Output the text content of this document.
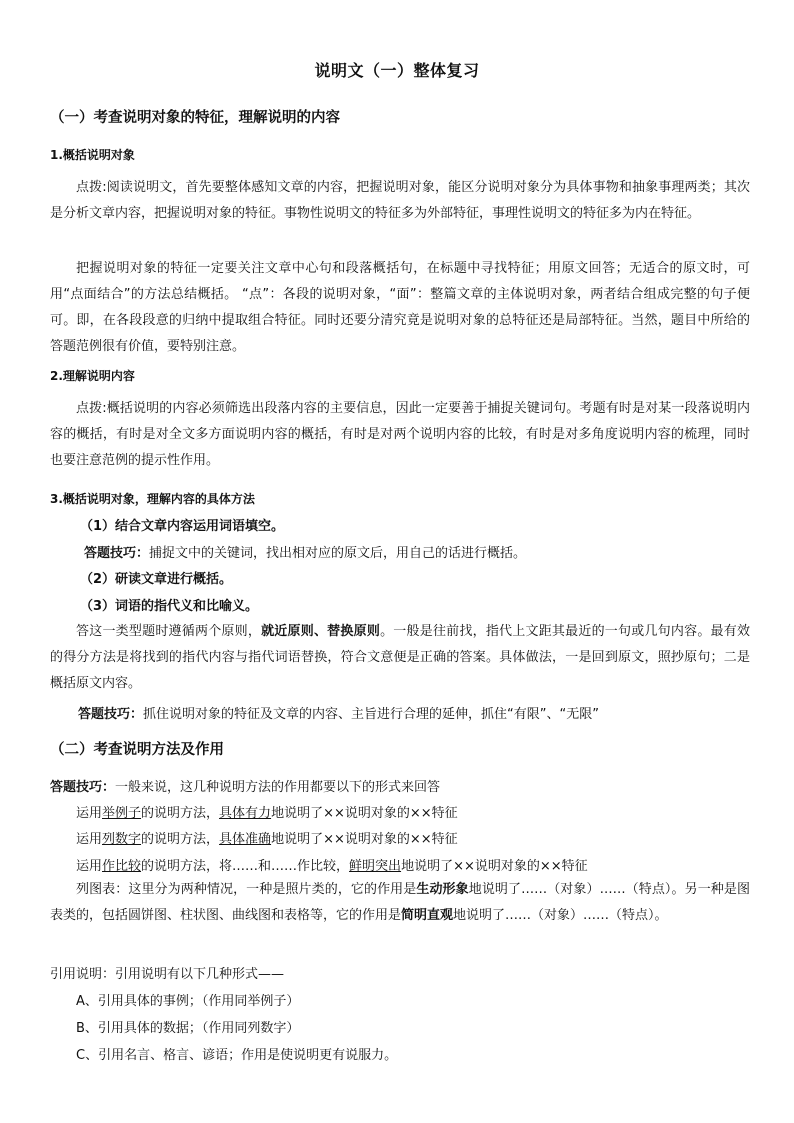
说明文（一）整体复习
（一）考查说明对象的特征，理解说明的内容
1.概括说明对象
点拨:阅读说明文，首先要整体感知文章的内容，把握说明对象，能区分说明对象分为具体事物和抽象事理两类；其次是分析文章内容，把握说明对象的特征。事物性说明文的特征多为外部特征，事理性说明文的特征多为内在特征。
把握说明对象的特征一定要关注文章中心句和段落概括句，在标题中寻找特征；用原文回答；无适合的原文时，可用“点面结合”的方法总结概括。 “点”：各段的说明对象，“面”：整篇文章的主体说明对象，两者结合组成完整的句子便可。即，在各段段意的归纳中提取组合特征。同时还要分清究竟是说明对象的总特征还是局部特征。当然，题目中所给的答题范例很有价值，要特别注意。
2.理解说明内容
点拨:概括说明的内容必须筛选出段落内容的主要信息，因此一定要善于捕捉关键词句。考题有时是对某一段落说明内容的概括，有时是对全文多方面说明内容的概括，有时是对两个说明内容的比较，有时是对多角度说明内容的梳理，同时也要注意范例的提示性作用。
3.概括说明对象，理解内容的具体方法
（1）结合文章内容运用词语填空。
答题技巧：捕捉文中的关键词，找出相对应的原文后，用自己的话进行概括。
（2）研读文章进行概括。
（3）词语的指代义和比喻义。
答这一类型题时遵循两个原则，就近原则、替换原则。一般是往前找，指代上文距其最近的一句或几句内容。最有效的得分方法是将找到的指代内容与指代词语替换，符合文意便是正确的答案。具体做法，一是回到原文，照抄原句；二是概括原文内容。
答题技巧：抓住说明对象的特征及文章的内容、主旨进行合理的延伸，抓住“有限”、“无限”
（二）考查说明方法及作用
答题技巧：一般来说，这几种说明方法的作用都要以下的形式来回答
运用举例子的说明方法，具体有力地说明了××说明对象的××特征
运用列数字的说明方法，具体准确地说明了××说明对象的××特征
运用作比较的说明方法，将……和……作比较，鲜明突出地说明了××说明对象的××特征
列图表：这里分为两种情况，一种是照片类的，它的作用是生动形象地说明了……（对象）……（特点）。另一种是图表类的，包括圆饼图、柱状图、曲线图和表格等，它的作用是简明直观地说明了……（对象）……（特点）。
引用说明：引用说明有以下几种形式——
A、引用具体的事例；（作用同举例子）
B、引用具体的数据；（作用同列数字）
C、引用名言、格言、谚语；作用是使说明更有说服力。
